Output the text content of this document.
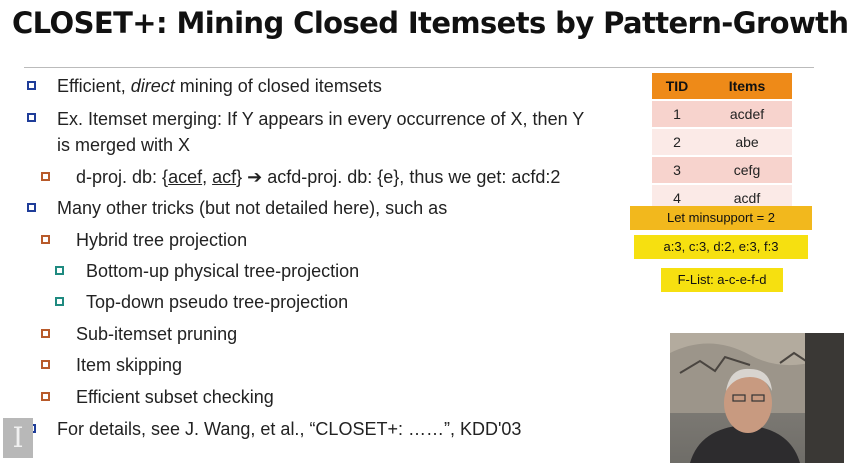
CLOSET+: Mining Closed Itemsets by Pattern-Growth
Efficient, direct mining of closed itemsets
Ex. Itemset merging: If Y appears in every occurrence of X, then Y
is merged with X
d-proj. db: {acef, acf} ➔ acfd-proj. db: {e}, thus we get: acfd:2
Many other tricks (but not detailed here), such as
Hybrid tree projection
Bottom-up physical tree-projection
Top-down pseudo tree-projection
Sub-itemset pruning
Item skipping
Efficient subset checking
For details, see J. Wang, et al., “CLOSET+: ……”, KDD'03
TID	Items
1	acdef
2	abe
3	cefg
4	acdf
Let minsupport = 2
a:3, c:3, d:2, e:3, f:3
F-List: a-c-e-f-d
I
